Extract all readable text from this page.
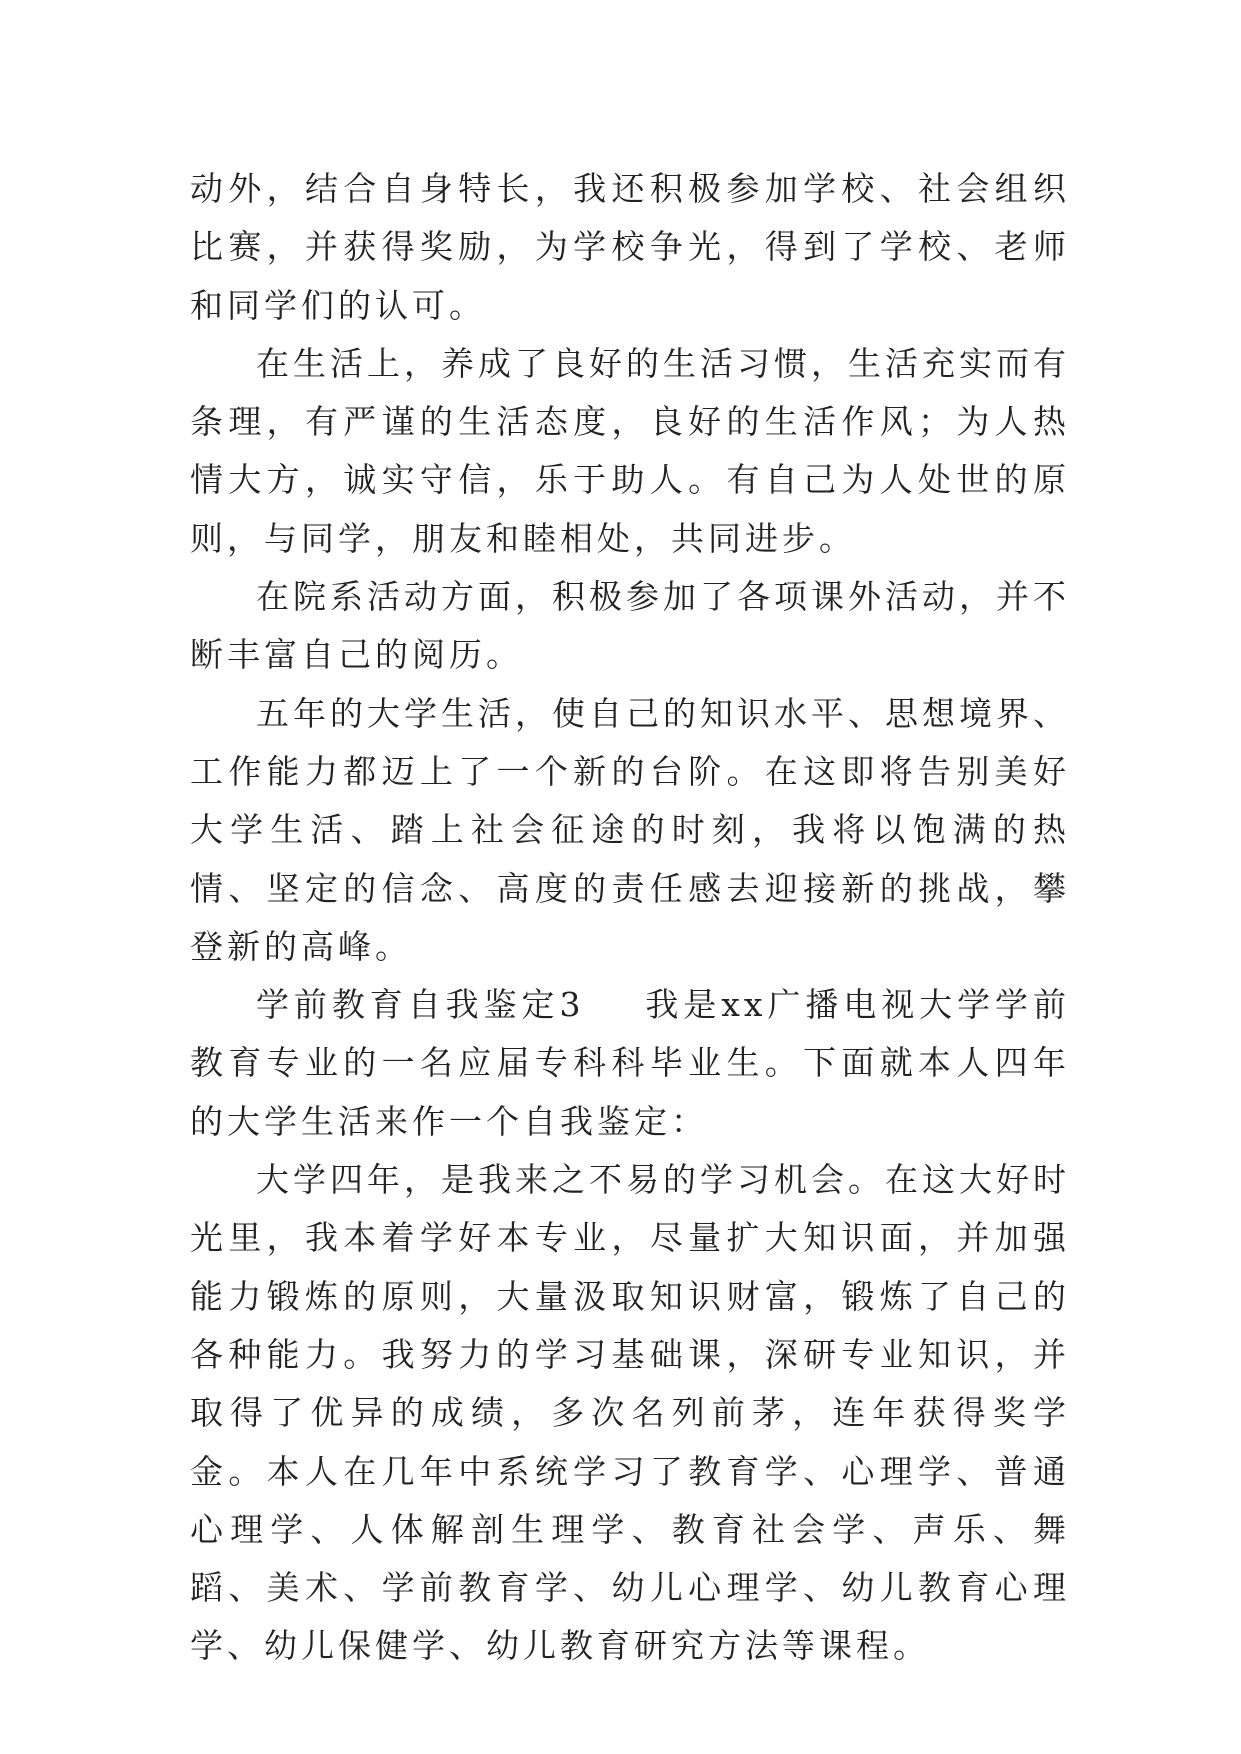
动外，结合自身特长，我还积极参加学校、社会组织比赛，并获得奖励，为学校争光，得到了学校、老师和同学们的认可。

在生活上，养成了良好的生活习惯，生活充实而有条理，有严谨的生活态度，良好的生活作风；为人热情大方，诚实守信，乐于助人。有自己为人处世的原则，与同学，朋友和睦相处，共同进步。

在院系活动方面，积极参加了各项课外活动，并不断丰富自己的阅历。

五年的大学生活，使自己的知识水平、思想境界、工作能力都迈上了一个新的台阶。在这即将告别美好大学生活、踏上社会征途的时刻，我将以饱满的热情、坚定的信念、高度的责任感去迎接新的挑战，攀登新的高峰。

学前教育自我鉴定3 我是xx广播电视大学学前教育专业的一名应届专科科毕业生。下面就本人四年的大学生活来作一个自我鉴定：

大学四年，是我来之不易的学习机会。在这大好时光里，我本着学好本专业，尽量扩大知识面，并加强能力锻炼的原则，大量汲取知识财富，锻炼了自己的各种能力。我努力的学习基础课，深研专业知识，并取得了优异的成绩，多次名列前茅，连年获得奖学金。本人在几年中系统学习了教育学、心理学、普通心理学、人体解剖生理学、教育社会学、声乐、舞蹈、美术、学前教育学、幼儿心理学、幼儿教育心理学、幼儿保健学、幼儿教育研究方法等课程。
